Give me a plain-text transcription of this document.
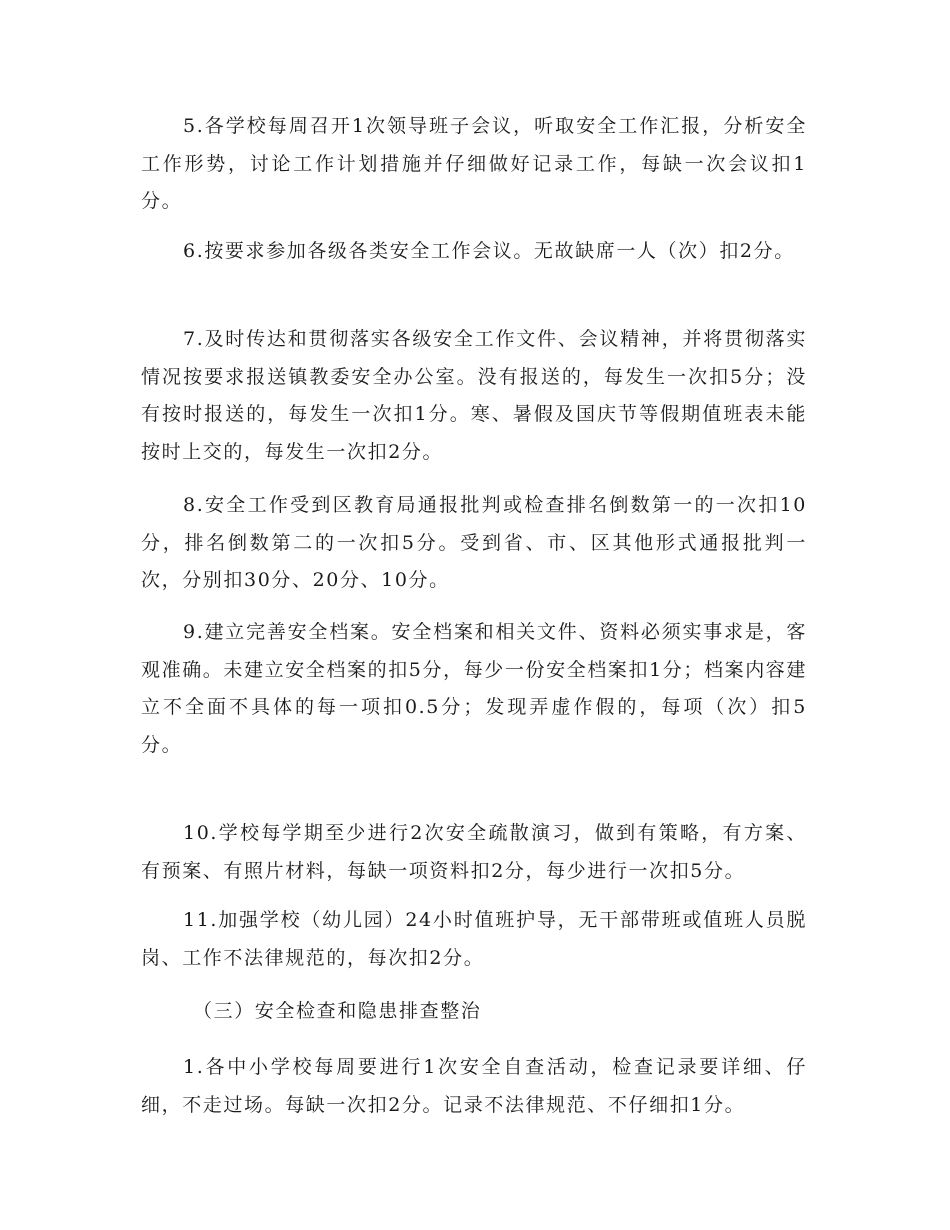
5.各学校每周召开1次领导班子会议，听取安全工作汇报，分析安全工作形势，讨论工作计划措施并仔细做好记录工作，每缺一次会议扣1分。

6.按要求参加各级各类安全工作会议。无故缺席一人（次）扣2分。

7.及时传达和贯彻落实各级安全工作文件、会议精神，并将贯彻落实情况按要求报送镇教委安全办公室。没有报送的，每发生一次扣5分；没有按时报送的，每发生一次扣1分。寒、暑假及国庆节等假期值班表未能按时上交的，每发生一次扣2分。

8.安全工作受到区教育局通报批判或检查排名倒数第一的一次扣10分，排名倒数第二的一次扣5分。受到省、市、区其他形式通报批判一次，分别扣30分、20分、10分。

9.建立完善安全档案。安全档案和相关文件、资料必须实事求是，客观准确。未建立安全档案的扣5分，每少一份安全档案扣1分；档案内容建立不全面不具体的每一项扣0.5分；发现弄虚作假的，每项（次）扣5分。

10.学校每学期至少进行2次安全疏散演习，做到有策略，有方案、有预案、有照片材料，每缺一项资料扣2分，每少进行一次扣5分。

11.加强学校（幼儿园）24小时值班护导，无干部带班或值班人员脱岗、工作不法律规范的，每次扣2分。

（三）安全检查和隐患排查整治

1.各中小学校每周要进行1次安全自查活动，检查记录要详细、仔细，不走过场。每缺一次扣2分。记录不法律规范、不仔细扣1分。
